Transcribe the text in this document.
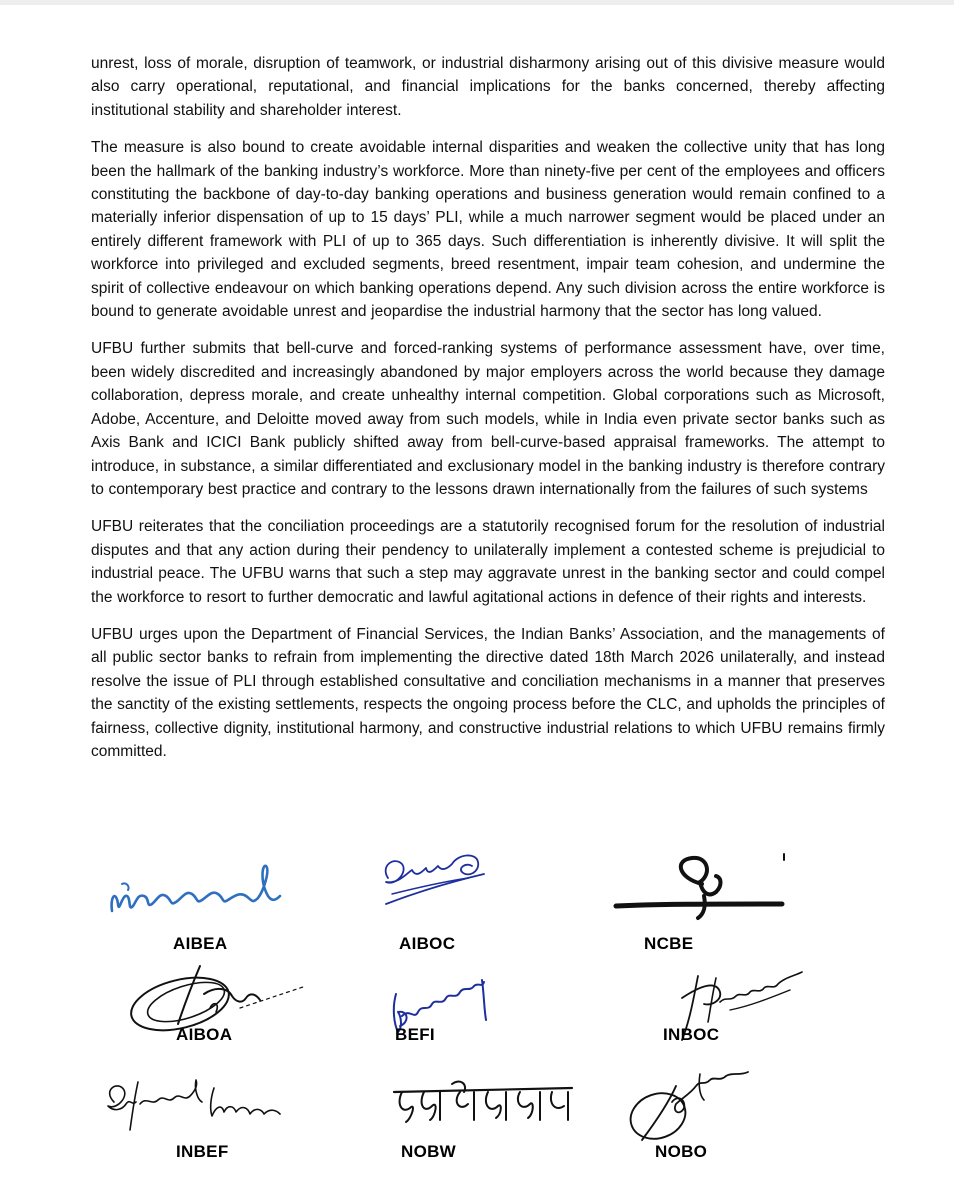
unrest, loss of morale, disruption of teamwork, or industrial disharmony arising out of this divisive measure would also carry operational, reputational, and financial implications for the banks concerned, thereby affecting institutional stability and shareholder interest.

The measure is also bound to create avoidable internal disparities and weaken the collective unity that has long been the hallmark of the banking industry’s workforce. More than ninety-five per cent of the employees and officers constituting the backbone of day-to-day banking operations and business generation would remain confined to a materially inferior dispensation of up to 15 days’ PLI, while a much narrower segment would be placed under an entirely different framework with PLI of up to 365 days. Such differentiation is inherently divisive. It will split the workforce into privileged and excluded segments, breed resentment, impair team cohesion, and undermine the spirit of collective endeavour on which banking operations depend. Any such division across the entire workforce is bound to generate avoidable unrest and jeopardise the industrial harmony that the sector has long valued.

UFBU further submits that bell-curve and forced-ranking systems of performance assessment have, over time, been widely discredited and increasingly abandoned by major employers across the world because they damage collaboration, depress morale, and create unhealthy internal competition. Global corporations such as Microsoft, Adobe, Accenture, and Deloitte moved away from such models, while in India even private sector banks such as Axis Bank and ICICI Bank publicly shifted away from bell-curve-based appraisal frameworks. The attempt to introduce, in substance, a similar differentiated and exclusionary model in the banking industry is therefore contrary to contemporary best practice and contrary to the lessons drawn internationally from the failures of such systems

UFBU reiterates that the conciliation proceedings are a statutorily recognised forum for the resolution of industrial disputes and that any action during their pendency to unilaterally implement a contested scheme is prejudicial to industrial peace. The UFBU warns that such a step may aggravate unrest in the banking sector and could compel the workforce to resort to further democratic and lawful agitational actions in defence of their rights and interests.

UFBU urges upon the Department of Financial Services, the Indian Banks’ Association, and the managements of all public sector banks to refrain from implementing the directive dated 18th March 2026 unilaterally, and instead resolve the issue of PLI through established consultative and conciliation mechanisms in a manner that preserves the sanctity of the existing settlements, respects the ongoing process before the CLC, and upholds the principles of fairness, collective dignity, institutional harmony, and constructive industrial relations to which UFBU remains firmly committed.

AIBEA	AIBOC	NCBE
AIBOA	BEFI	INBOC
INBEF	NOBW	NOBO
